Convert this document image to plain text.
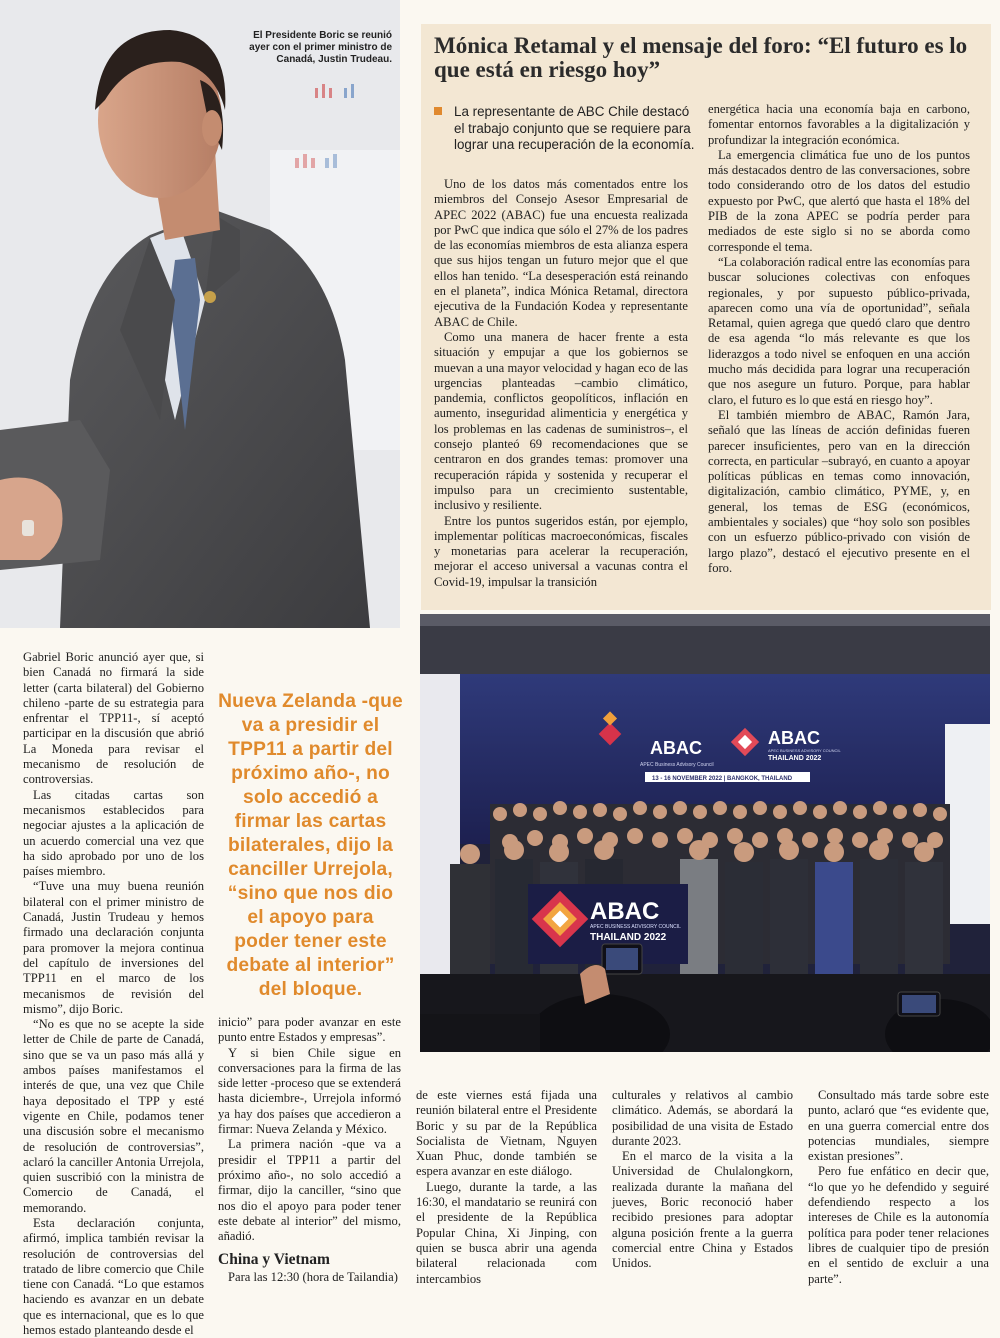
El Presidente Boric se reunió ayer con el primer ministro de Canadá, Justin Trudeau.
Mónica Retamal y el mensaje del foro: “El futuro es lo que está en riesgo hoy”
La representante de ABC Chile destacó el trabajo conjunto que se requiere para lograr una recuperación de la economía.

Uno de los datos más comentados entre los miembros del Consejo Asesor Empresarial de APEC 2022 (ABAC) fue una encuesta realizada por PwC que indica que sólo el 27% de los padres de las economías miembros de esta alianza espera que sus hijos tengan un futuro mejor que el que ellos han tenido. “La desesperación está reinando en el planeta”, indica Mónica Retamal, directora ejecutiva de la Fundación Kodea y representante ABAC de Chile.

Como una manera de hacer frente a esta situación y empujar a que los gobiernos se muevan a una mayor velocidad y hagan eco de las urgencias planteadas –cambio climático, pandemia, conflictos geopolíticos, inflación en aumento, inseguridad alimenticia y energética y los problemas en las cadenas de suministros–, el consejo planteó 69 recomendaciones que se centraron en dos grandes temas: promover una recuperación rápida y sostenida y recuperar el impulso para un crecimiento sustentable, inclusivo y resiliente.

Entre los puntos sugeridos están, por ejemplo, implementar políticas macroeconómicas, fiscales y monetarias para acelerar la recuperación, mejorar el acceso universal a vacunas contra el Covid-19, impulsar la transición

energética hacia una economía baja en carbono, fomentar entornos favorables a la digitalización y profundizar la integración económica.

La emergencia climática fue uno de los puntos más destacados dentro de las conversaciones, sobre todo considerando otro de los datos del estudio expuesto por PwC, que alertó que hasta el 18% del PIB de la zona APEC se podría perder para mediados de este siglo si no se aborda como corresponde el tema.

“La colaboración radical entre las economías para buscar soluciones colectivas con enfoques regionales, y por supuesto público-privada, aparecen como una vía de oportunidad”, señala Retamal, quien agrega que quedó claro que dentro de esa agenda “lo más relevante es que los liderazgos a todo nivel se enfoquen en una acción mucho más decidida para lograr una recuperación que nos asegure un futuro. Porque, para hablar claro, el futuro es lo que está en riesgo hoy”.

El también miembro de ABAC, Ramón Jara, señaló que las líneas de acción definidas fueren parecer insuficientes, pero van en la dirección correcta, en particular –subrayó, en cuanto a apoyar políticas públicas en temas como innovación, digitalización, cambio climático, PYME, y, en general, los temas de ESG (económicos, ambientales y sociales) que “hoy solo son posibles con un esfuerzo público-privado con visión de largo plazo”, destacó el ejecutivo presente en el foro.

ABAC
APEC Business Advisory Council
ABAC
APEC BUSINESS ADVISORY COUNCIL
THAILAND 2022
13 - 16 NOVEMBER 2022 | BANGKOK, THAILAND
ABAC
APEC BUSINESS ADVISORY COUNCIL
THAILAND 2022

Gabriel Boric anunció ayer que, si bien Canadá no firmará la side letter (carta bilateral) del Gobierno chileno -parte de su estrategia para enfrentar el TPP11-, sí aceptó participar en la discusión que abrió La Moneda para revisar el mecanismo de resolución de controversias.

Las citadas cartas son mecanismos establecidos para negociar ajustes a la aplicación de un acuerdo comercial una vez que ha sido aprobado por uno de los países miembro.

“Tuve una muy buena reunión bilateral con el primer ministro de Canadá, Justin Trudeau y hemos firmado una declaración conjunta para promover la mejora continua del capítulo de inversiones del TPP11 en el marco de los mecanismos de revisión del mismo”, dijo Boric.

“No es que no se acepte la side letter de Chile de parte de Canadá, sino que se va un paso más allá y ambos países manifestamos el interés de que, una vez que Chile haya depositado el TPP y esté vigente en Chile, podamos tener una discusión sobre el mecanismo de resolución de controversias”, aclaró la canciller Antonia Urrejola, quien suscribió con la ministra de Comercio de Canadá, el memorando.

Esta declaración conjunta, afirmó, implica también revisar la resolución de controversias del tratado de libre comercio que Chile tiene con Canadá. “Lo que estamos haciendo es avanzar en un debate que es internacional, que es lo que hemos estado planteando desde el

Nueva Zelanda -que va a presidir el TPP11 a partir del próximo año-, no solo accedió a firmar las cartas bilaterales, dijo la canciller Urrejola, “sino que nos dio el apoyo para poder tener este debate al interior” del bloque.

inicio” para poder avanzar en este punto entre Estados y empresas”.

Y si bien Chile sigue en conversaciones para la firma de las side letter -proceso que se extenderá hasta diciembre-, Urrejola informó ya hay dos países que accedieron a firmar: Nueva Zelanda y México.

La primera nación -que va a presidir el TPP11 a partir del próximo año-, no solo accedió a firmar, dijo la canciller, “sino que nos dio el apoyo para poder tener este debate al interior” del mismo, añadió.

China y Vietnam

Para las 12:30 (hora de Tailandia)

de este viernes está fijada una reunión bilateral entre el Presidente Boric y su par de la República Socialista de Vietnam, Nguyen Xuan Phuc, donde también se espera avanzar en este diálogo.

Luego, durante la tarde, a las 16:30, el mandatario se reunirá con el presidente de la República Popular China, Xi Jinping, con quien se busca abrir una agenda bilateral relacionada com intercambios

culturales y relativos al cambio climático. Además, se abordará la posibilidad de una visita de Estado durante 2023.

En el marco de la visita a la Universidad de Chulalongkorn, realizada durante la mañana del jueves, Boric reconoció haber recibido presiones para adoptar alguna posición frente a la guerra comercial entre China y Estados Unidos.

Consultado más tarde sobre este punto, aclaró que “es evidente que, en una guerra comercial entre dos potencias mundiales, siempre existan presiones”.

Pero fue enfático en decir que, “lo que yo he defendido y seguiré defendiendo respecto a los intereses de Chile es la autonomía política para poder tener relaciones libres de cualquier tipo de presión en el sentido de excluir a una parte”.
